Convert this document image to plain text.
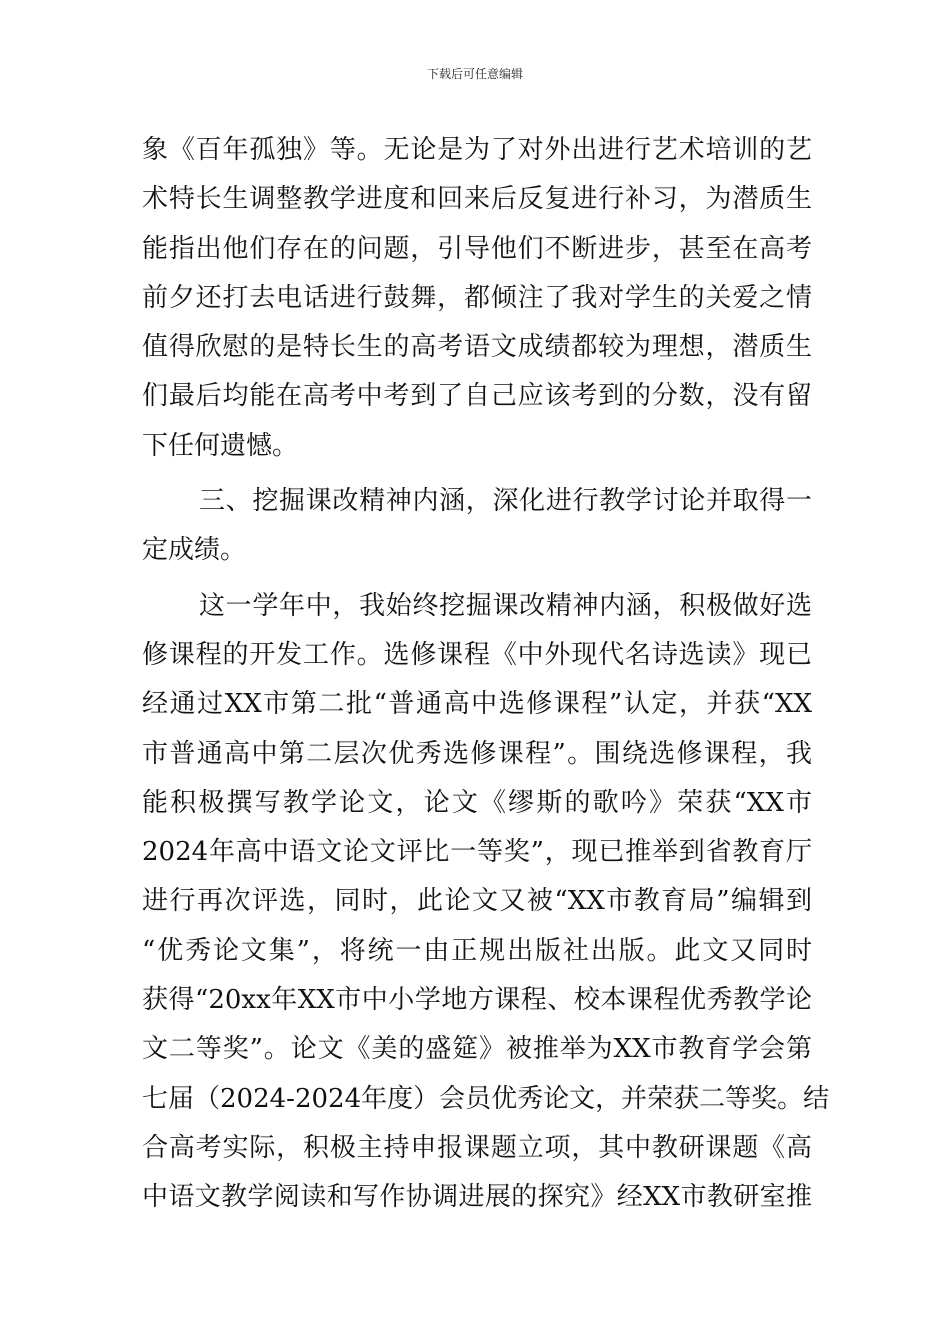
下载后可任意编辑
象《百年孤独》等。无论是为了对外出进行艺术培训的艺
术特长生调整教学进度和回来后反复进行补习，为潜质生
能指出他们存在的问题，引导他们不断进步，甚至在高考
前夕还打去电话进行鼓舞，都倾注了我对学生的关爱之情
值得欣慰的是特长生的高考语文成绩都较为理想，潜质生
们最后均能在高考中考到了自己应该考到的分数，没有留
下任何遗憾。
三、挖掘课改精神内涵，深化进行教学讨论并取得一
定成绩。
这一学年中，我始终挖掘课改精神内涵，积极做好选
修课程的开发工作。选修课程《中外现代名诗选读》现已
经通过XX市第二批“普通高中选修课程”认定，并获“XX
市普通高中第二层次优秀选修课程”。围绕选修课程，我
能积极撰写教学论文，论文《缪斯的歌吟》荣获“XX市
2024年高中语文论文评比一等奖”，现已推举到省教育厅
进行再次评选，同时，此论文又被“XX市教育局”编辑到
“优秀论文集”，将统一由正规出版社出版。此文又同时
获得“20xx年XX市中小学地方课程、校本课程优秀教学论
文二等奖”。论文《美的盛筵》被推举为XX市教育学会第
七届（2024-2024年度）会员优秀论文，并荣获二等奖。结
合高考实际，积极主持申报课题立项，其中教研课题《高
中语文教学阅读和写作协调进展的探究》经XX市教研室推
